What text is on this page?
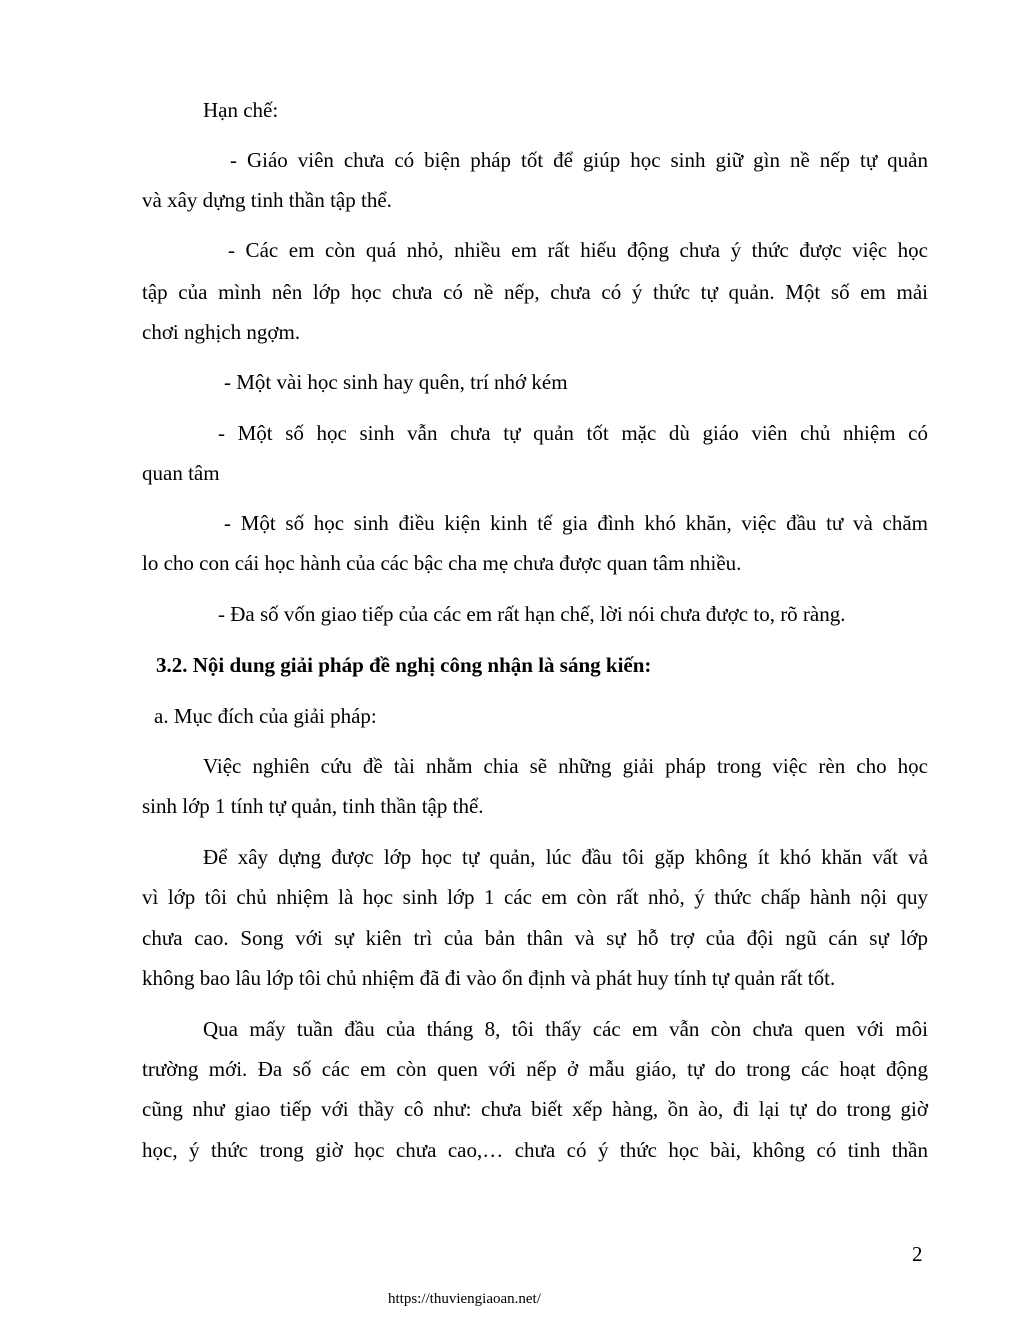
Hạn chế:
- Giáo viên chưa có biện pháp tốt để giúp học sinh giữ gìn nề nếp tự quản
và xây dựng tinh thần tập thể.
- Các em còn quá nhỏ, nhiều em rất hiếu động chưa ý thức được việc học
tập của mình nên lớp học chưa có nề nếp, chưa có ý thức tự quản. Một số em mải
chơi nghịch ngợm.
- Một vài học sinh hay quên, trí nhớ kém
- Một số học sinh vẫn chưa tự quản tốt mặc dù giáo viên chủ nhiệm có
quan tâm
- Một số học sinh điều kiện kinh tế gia đình khó khăn, việc đầu tư và chăm
lo cho con cái học hành của các bậc cha mẹ chưa được quan tâm nhiều.
- Đa số vốn giao tiếp của các em rất hạn chế, lời nói chưa được to, rõ ràng.
3.2. Nội dung giải pháp đề nghị công nhận là sáng kiến:
a. Mục đích của giải pháp:
Việc nghiên cứu đề tài nhằm chia sẽ những giải pháp trong việc rèn cho học
sinh lớp 1 tính tự quản, tinh thần tập thể.
Để xây dựng được lớp học tự quản, lúc đầu tôi gặp không ít khó khăn vất vả
vì lớp tôi chủ nhiệm là học sinh lớp 1 các em còn rất nhỏ, ý thức chấp hành nội quy
chưa cao. Song với sự kiên trì của bản thân và sự hỗ trợ của đội ngũ cán sự lớp
không bao lâu lớp tôi chủ nhiệm đã đi vào ổn định và phát huy tính tự quản rất tốt.
Qua mấy tuần đầu của tháng 8, tôi thấy các em vẫn còn chưa quen với môi
trường mới. Đa số các em còn quen với nếp ở mẫu giáo, tự do trong các hoạt động
cũng như giao tiếp với thầy cô như: chưa biết xếp hàng, ồn ào, đi lại tự do trong giờ
học, ý thức trong giờ học chưa cao,… chưa có ý thức học bài, không có tinh thần
2
https://thuviengiaoan.net/
